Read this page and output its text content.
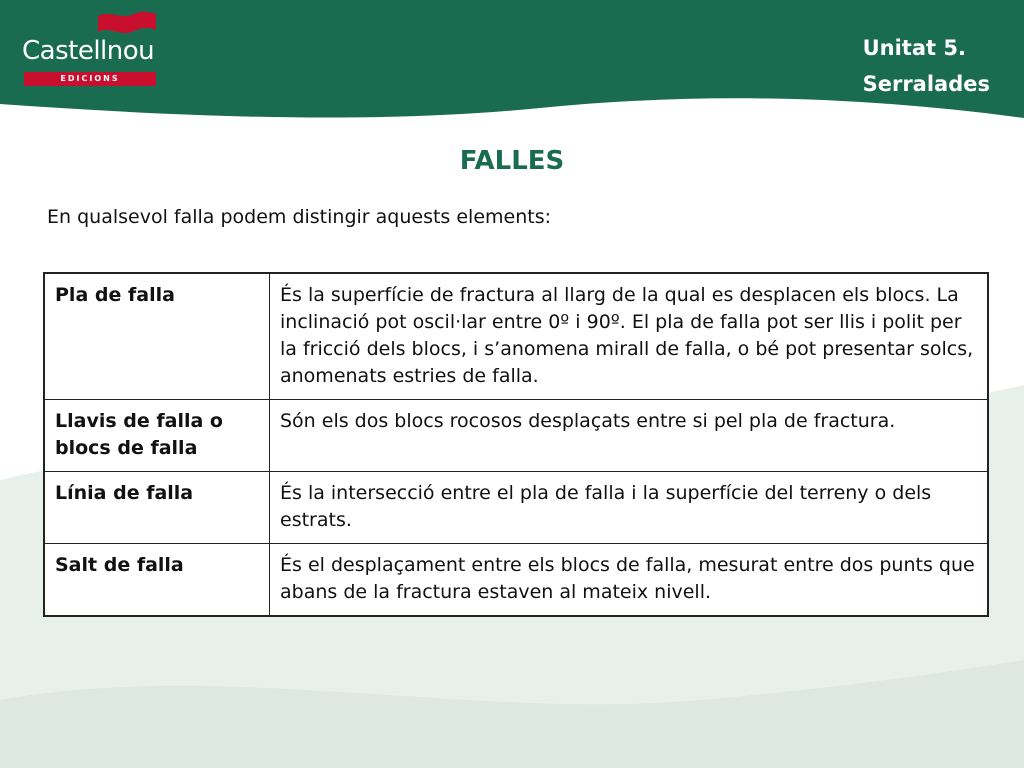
Castellnou
EDICIONS
Unitat 5.
Serralades
FALLES
En qualsevol falla podem distingir aquests elements:
Pla de falla	És la superfície de fractura al llarg de la qual es desplacen els blocs. La inclinació pot oscil·lar entre 0º i 90º. El pla de falla pot ser llis i polit per la fricció dels blocs, i s’anomena mirall de falla, o bé pot presentar solcs, anomenats estries de falla.
Llavis de falla o blocs de falla	Són els dos blocs rocosos desplaçats entre si pel pla de fractura.
Línia de falla	És la intersecció entre el pla de falla i la superfície del terreny o dels estrats.
Salt de falla	És el desplaçament entre els blocs de falla, mesurat entre dos punts que abans de la fractura estaven al mateix nivell.
